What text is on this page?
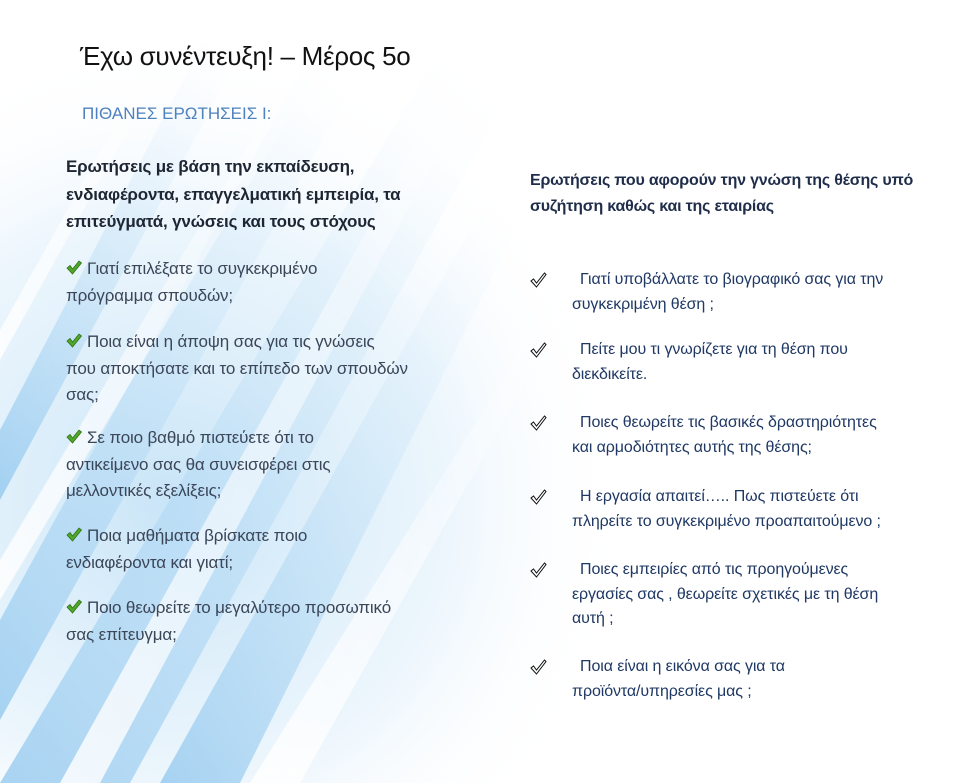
Έχω συνέντευξη! – Μέρος 5ο
ΠΙΘΑΝΕΣ ΕΡΩΤΗΣΕΙΣ Ι:
Ερωτήσεις με βάση την εκπαίδευση,
ενδιαφέροντα, επαγγελματική εμπειρία, τα
επιτεύγματά, γνώσεις και τους στόχους
Γιατί επιλέξατε το συγκεκριμένο
πρόγραμμα σπουδών;
Ποια είναι η άποψη σας για τις γνώσεις
που αποκτήσατε και το επίπεδο των σπουδών
σας;
Σε ποιο βαθμό πιστεύετε ότι το
αντικείμενο σας θα συνεισφέρει στις
μελλοντικές εξελίξεις;
Ποια μαθήματα βρίσκατε ποιο
ενδιαφέροντα και γιατί;
Ποιο θεωρείτε το μεγαλύτερο προσωπικό
σας επίτευγμα;
Ερωτήσεις που αφορούν την γνώση της θέσης υπό
συζήτηση καθώς και της εταιρίας
Γιατί υποβάλλατε το βιογραφικό σας για την
συγκεκριμένη θέση ;
Πείτε μου τι γνωρίζετε για τη θέση που
διεκδικείτε.
Ποιες θεωρείτε τις βασικές δραστηριότητες
και αρμοδιότητες αυτής της θέσης;
Η εργασία απαιτεί….. Πως πιστεύετε ότι
πληρείτε το συγκεκριμένο προαπαιτούμενο ;
Ποιες εμπειρίες από τις προηγούμενες
εργασίες σας , θεωρείτε σχετικές με τη θέση
αυτή ;
Ποια είναι η εικόνα σας για τα
προϊόντα/υπηρεσίες μας ;
